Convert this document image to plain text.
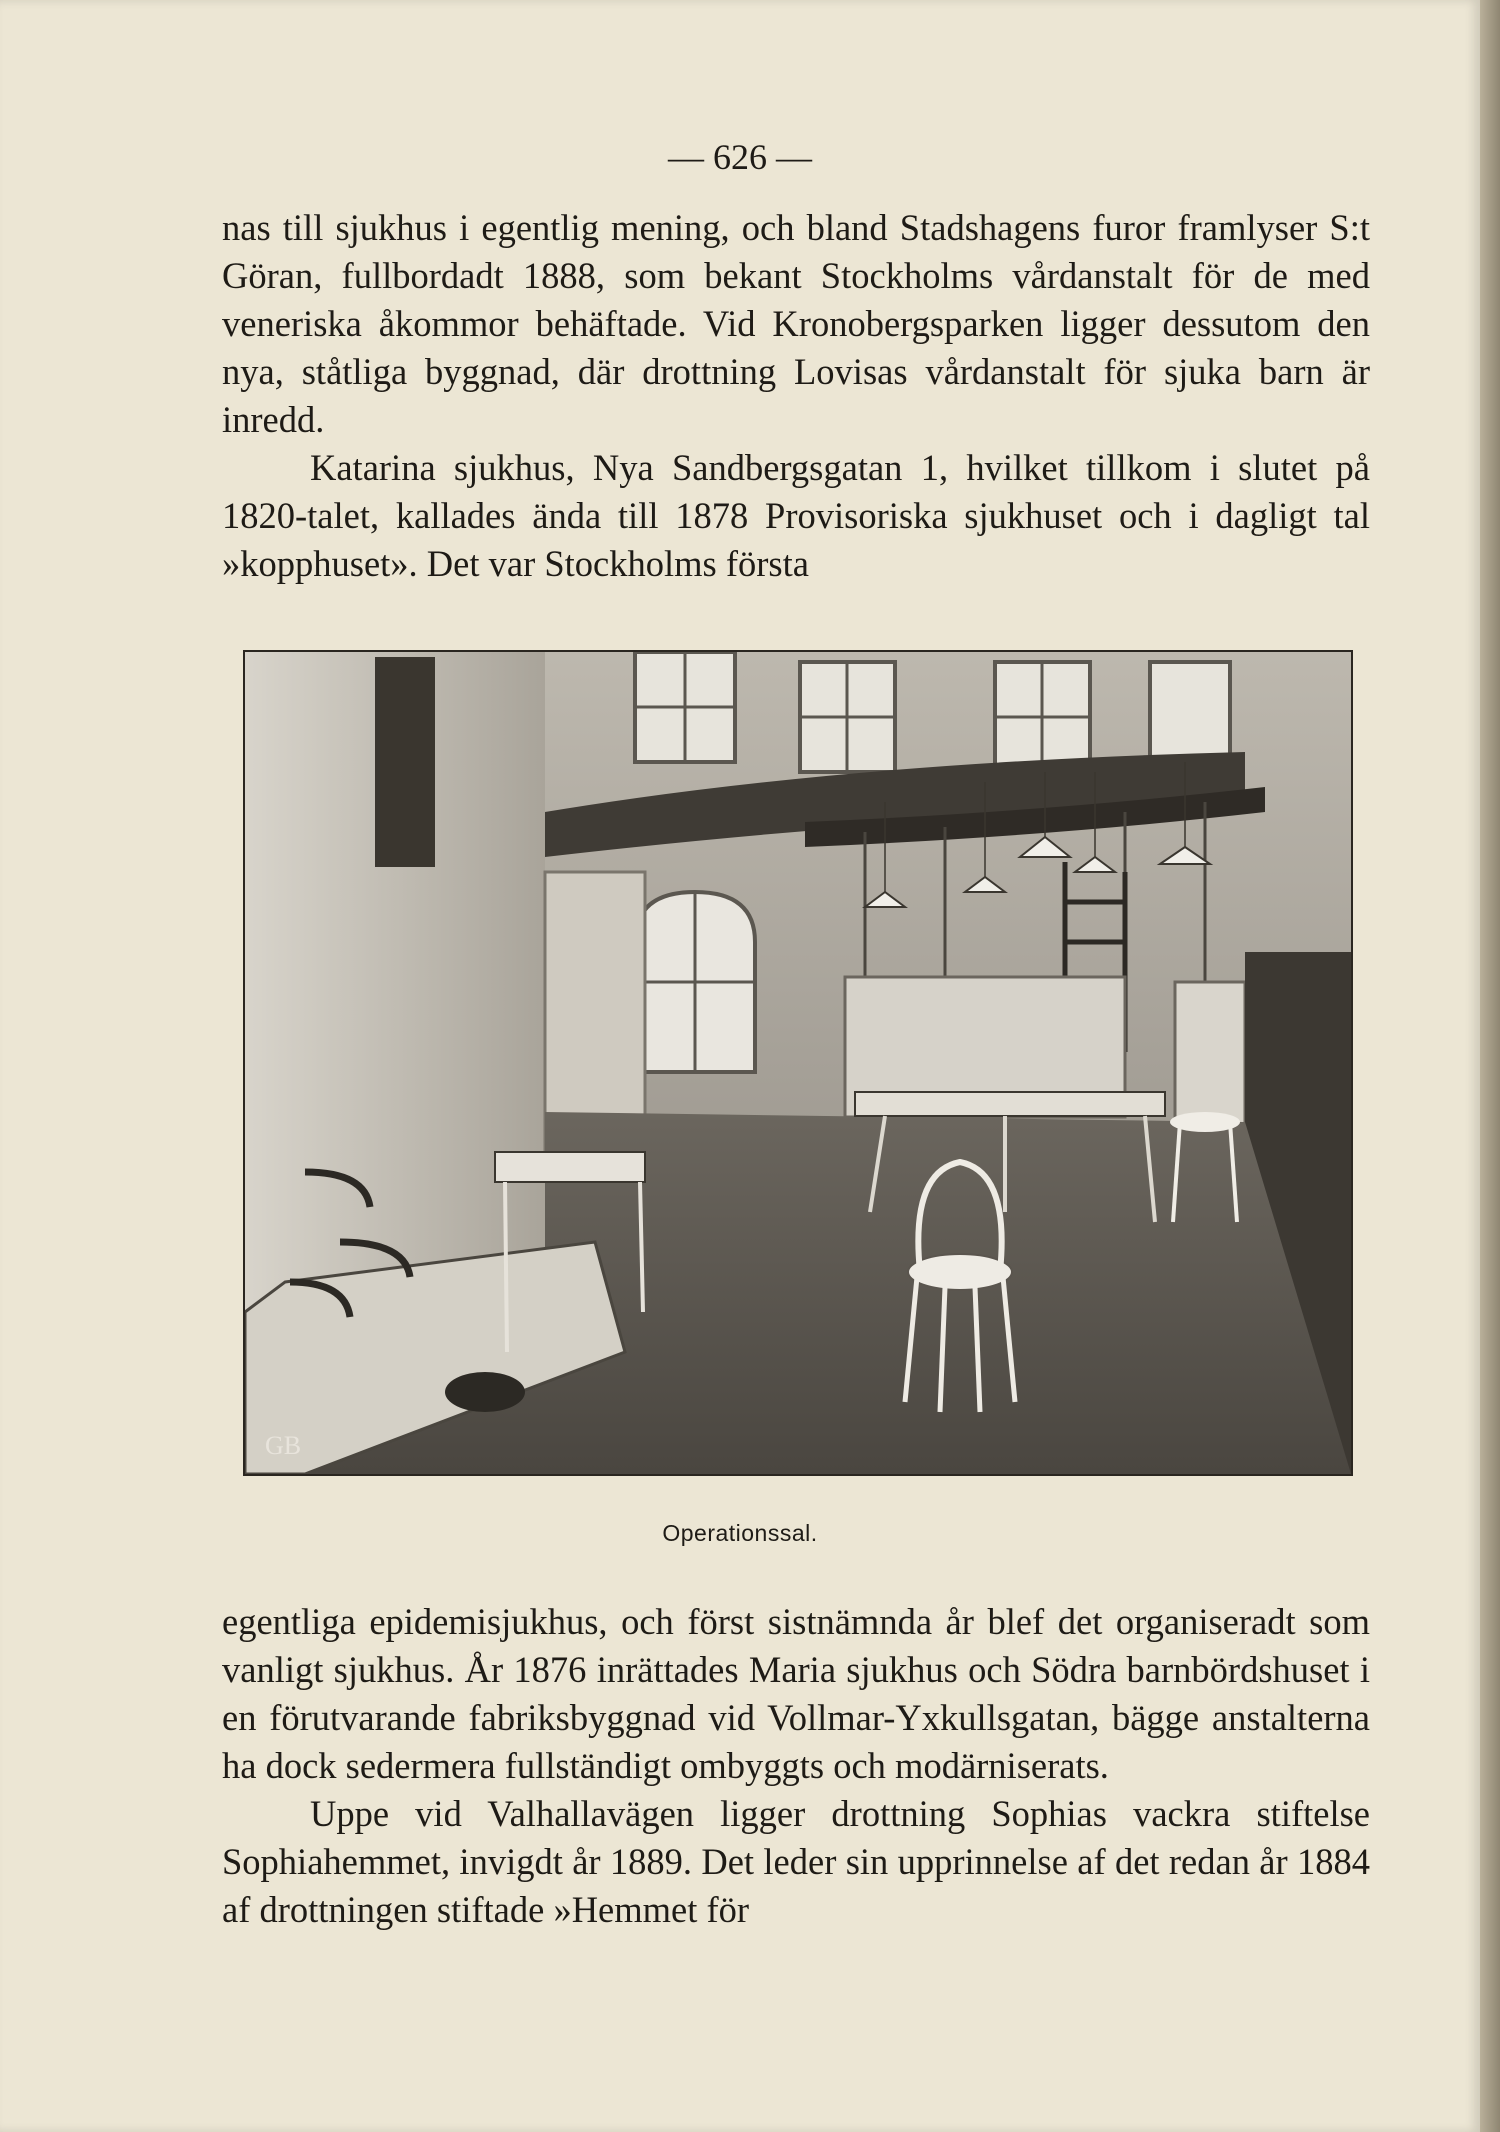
— 626 —

nas till sjukhus i egentlig mening, och bland Stadshagens furor framlyser S:t Göran, fullbordadt 1888, som bekant Stockholms vårdanstalt för de med veneriska åkommor behäftade. Vid Kronobergsparken ligger dessutom den nya, ståtliga byggnad, där drottning Lovisas vårdanstalt för sjuka barn är inredd.

Katarina sjukhus, Nya Sandbergsgatan 1, hvilket tillkom i slutet på 1820-talet, kallades ända till 1878 Provisoriska sjukhuset och i dagligt tal »kopphuset». Det var Stockholms första

GB
Operationssal.

egentliga epidemisjukhus, och först sistnämnda år blef det organiseradt som vanligt sjukhus. År 1876 inrättades Maria sjukhus och Södra barnbördshuset i en förutvarande fabriksbyggnad vid Vollmar-Yxkullsgatan, bägge anstalterna ha dock sedermera fullständigt ombyggts och modärniserats.

Uppe vid Valhallavägen ligger drottning Sophias vackra stiftelse Sophiahemmet, invigdt år 1889. Det leder sin upprinnelse af det redan år 1884 af drottningen stiftade »Hemmet för
